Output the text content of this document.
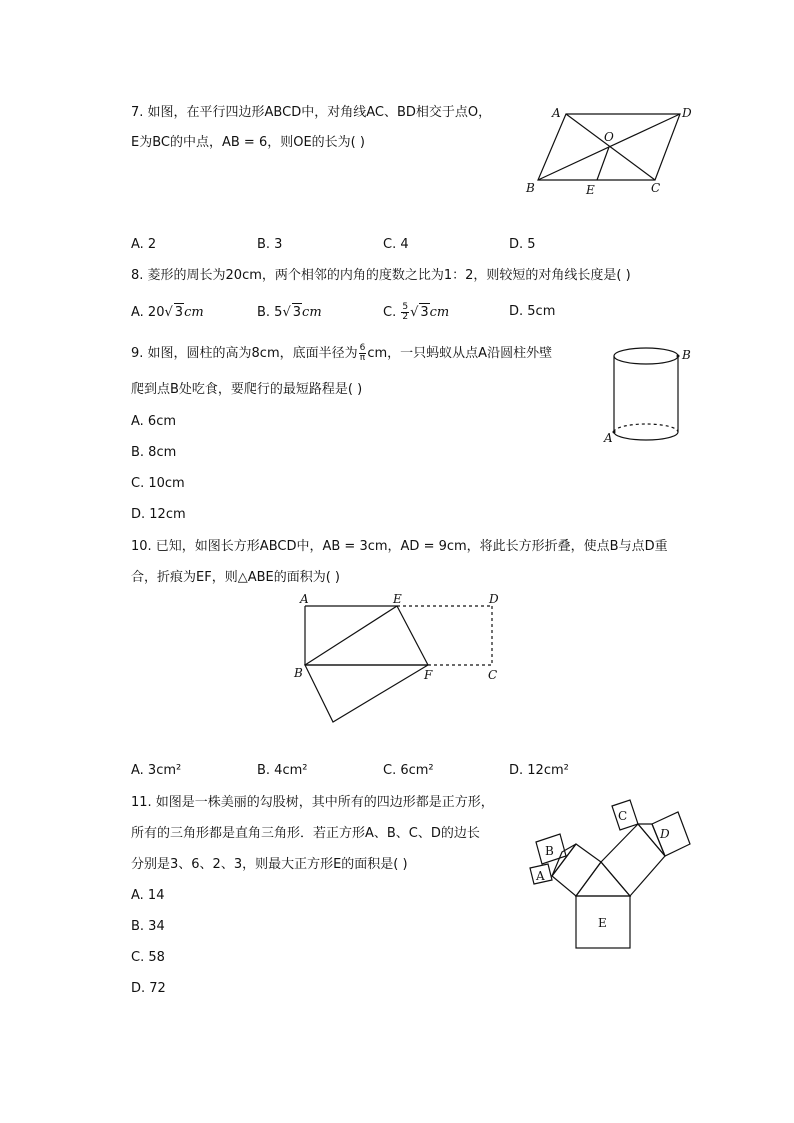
7. 如图，在平行四边形ABCD中，对角线AC、BD相交于点O，
E为BC的中点，AB = 6，则OE的长为( )
A	D
O
B	E	C
A. 2	B. 3	C. 4	D. 5
8. 菱形的周长为20cm，两个相邻的内角的度数之比为1：2，则较短的对角线长度是( )
A. 20√ 3cm	B. 5√ 3cm	C. $\frac{5}{2}$ √ 3cm	D. 5cm
9. 如图，圆柱的高为8cm，底面半径为 $\frac{6}{\pi}$ cm，一只蚂蚁从点A沿圆柱外壁
爬到点B处吃食，要爬行的最短路程是( )
B
A
A. 6cm
B. 8cm
C. 10cm
D. 12cm
10. 已知，如图长方形ABCD中，AB = 3cm，AD = 9cm，将此长方形折叠，使点B与点D重
合，折痕为EF，则△ABE的面积为( )
A	E	D
B	F	C
A. 3cm²	B. 4cm²	C. 6cm²	D. 12cm²
11. 如图是一株美丽的勾股树，其中所有的四边形都是正方形，
所有的三角形都是直角三角形．若正方形A、B、C、D的边长
分别是3、6、2、3，则最大正方形E的面积是( )
E
B
A
C
D
A. 14
B. 34
C. 58
D. 72
